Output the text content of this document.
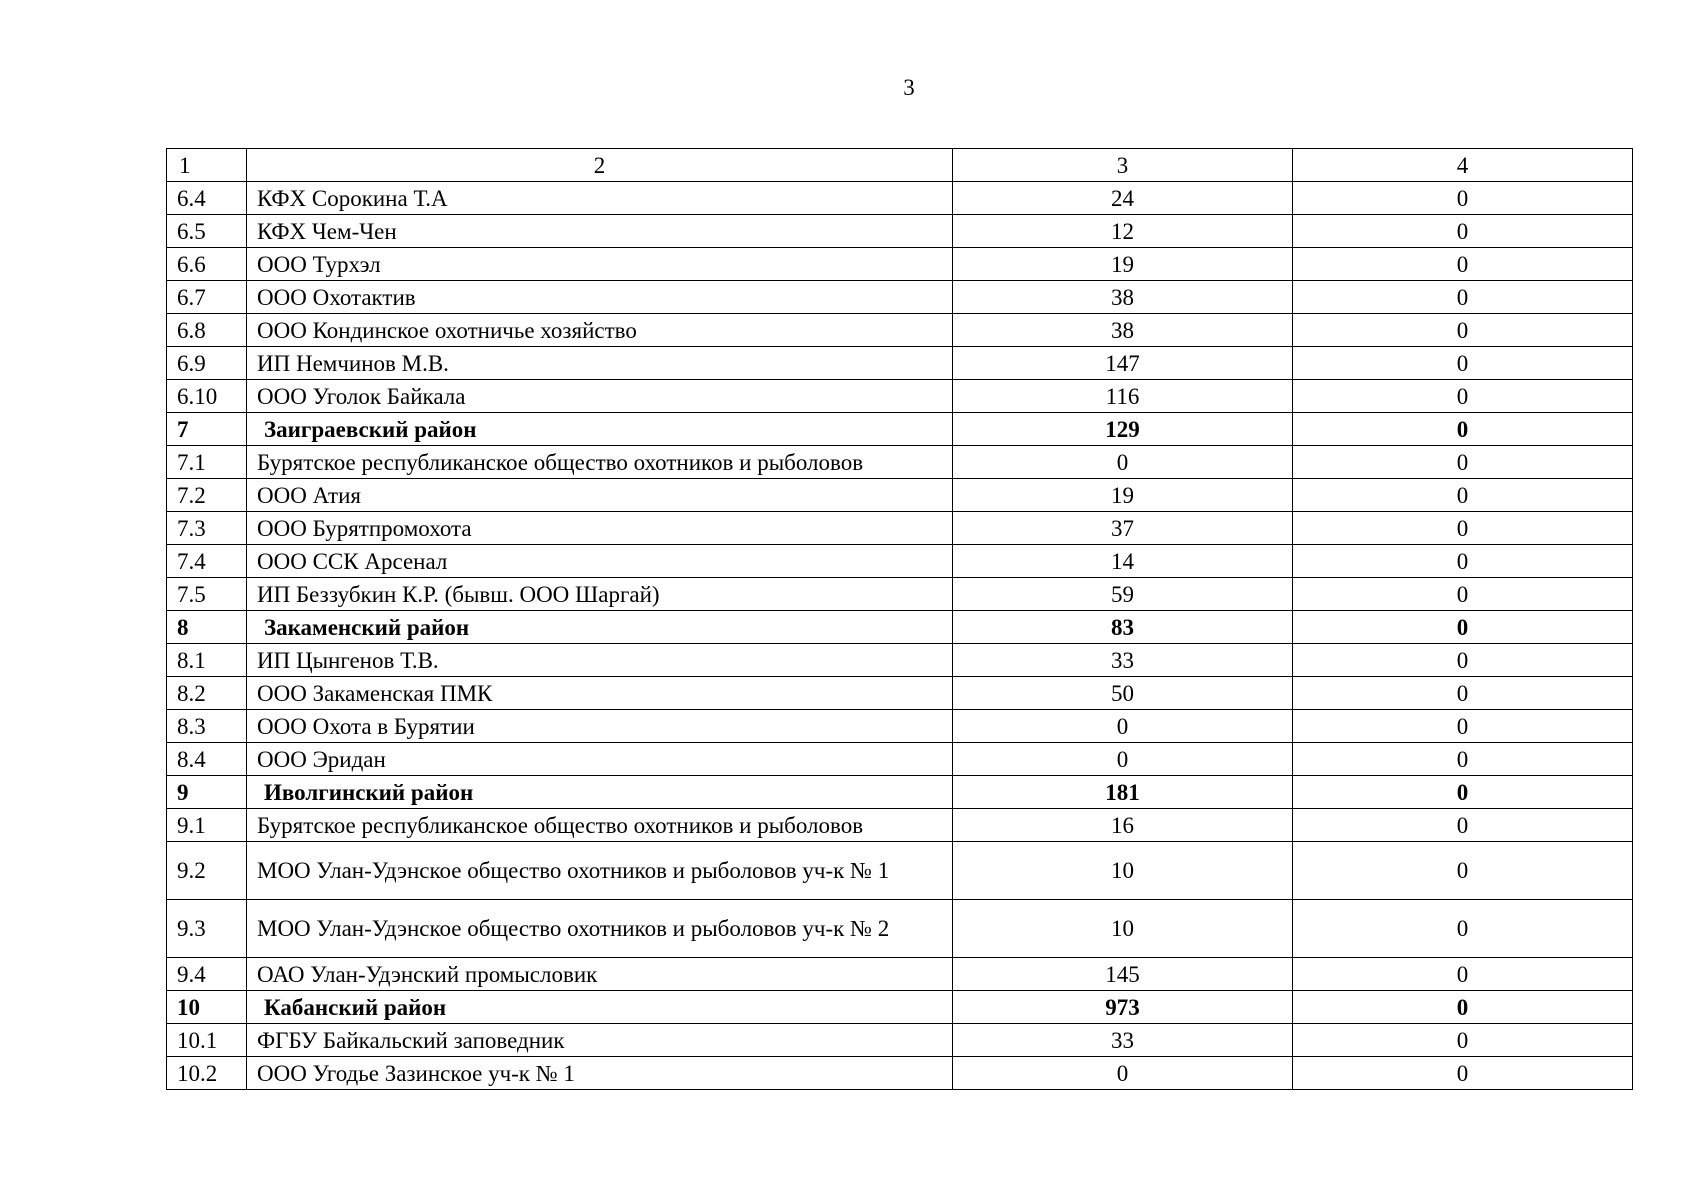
3
1	2	3	4
6.4	КФХ Сорокина Т.А	24	0
6.5	КФХ Чем-Чен	12	0
6.6	ООО Турхэл	19	0
6.7	ООО Охотактив	38	0
6.8	ООО Кондинское охотничье хозяйство	38	0
6.9	ИП Немчинов М.В.	147	0
6.10	ООО Уголок Байкала	116	0
7	Заиграевский район	129	0
7.1	Бурятское республиканское общество охотников и рыболовов	0	0
7.2	ООО Атия	19	0
7.3	ООО Бурятпромохота	37	0
7.4	ООО ССК Арсенал	14	0
7.5	ИП Беззубкин К.Р. (бывш. ООО Шаргай)	59	0
8	Закаменский район	83	0
8.1	ИП Цынгенов Т.В.	33	0
8.2	ООО Закаменская ПМК	50	0
8.3	ООО Охота в Бурятии	0	0
8.4	ООО Эридан	0	0
9	Иволгинский район	181	0
9.1	Бурятское республиканское общество охотников и рыболовов	16	0
9.2	МОО Улан-Удэнское общество охотников и рыболовов уч-к № 1	10	0
9.3	МОО Улан-Удэнское общество охотников и рыболовов уч-к № 2	10	0
9.4	ОАО Улан-Удэнский промысловик	145	0
10	Кабанский район	973	0
10.1	ФГБУ Байкальский заповедник	33	0
10.2	ООО Угодье Зазинское уч-к № 1	0	0
